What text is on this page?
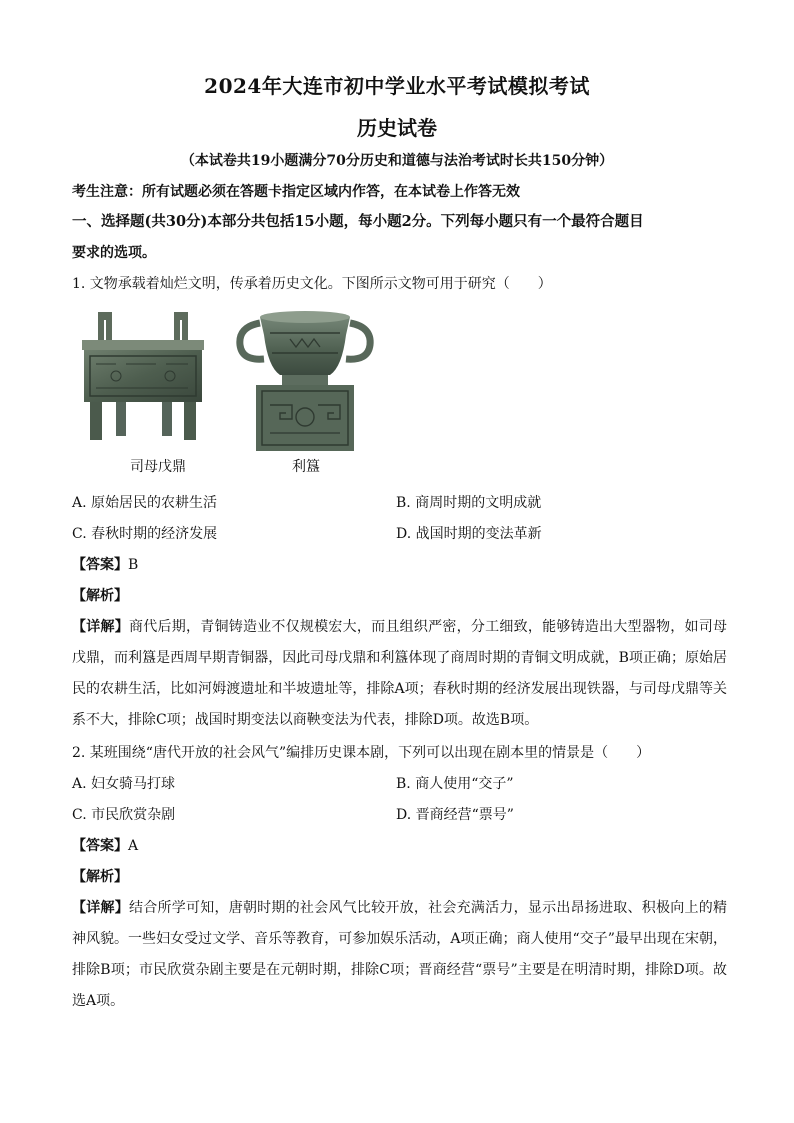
2024年大连市初中学业水平考试模拟考试
历史试卷
（本试卷共19小题满分70分历史和道德与法治考试时长共150分钟）
考生注意：所有试题必须在答题卡指定区域内作答，在本试卷上作答无效
一、选择题(共30分)本部分共包括15小题，每小题2分。下列每小题只有一个最符合题目
要求的选项。
1. 文物承载着灿烂文明，传承着历史文化。下图所示文物可用于研究（　　）
司母戊鼎	利簋
A. 原始居民的农耕生活	B. 商周时期的文明成就
C. 春秋时期的经济发展	D. 战国时期的变法革新
【答案】B
【解析】
【详解】商代后期，青铜铸造业不仅规模宏大，而且组织严密，分工细致，能够铸造出大型器物，如司母戊鼎，而利簋是西周早期青铜器，因此司母戊鼎和利簋体现了商周时期的青铜文明成就，B项正确；原始居民的农耕生活，比如河姆渡遗址和半坡遗址等，排除A项；春秋时期的经济发展出现铁器，与司母戊鼎等关系不大，排除C项；战国时期变法以商鞅变法为代表，排除D项。故选B项。
2. 某班围绕“唐代开放的社会风气”编排历史课本剧，下列可以出现在剧本里的情景是（　　）
A. 妇女骑马打球	B. 商人使用“交子”
C. 市民欣赏杂剧	D. 晋商经营“票号”
【答案】A
【解析】
【详解】结合所学可知，唐朝时期的社会风气比较开放，社会充满活力，显示出昂扬进取、积极向上的精神风貌。一些妇女受过文学、音乐等教育，可参加娱乐活动，A项正确；商人使用“交子”最早出现在宋朝，排除B项；市民欣赏杂剧主要是在元朝时期，排除C项；晋商经营“票号”主要是在明清时期，排除D项。故选A项。
